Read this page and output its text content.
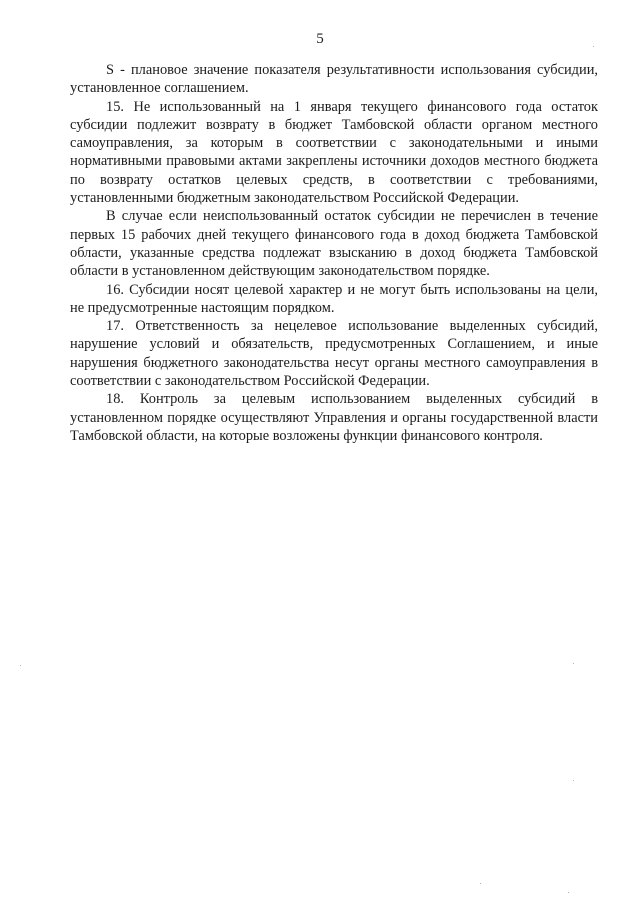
5

S - плановое значение показателя результативности использования субсидии, установленное соглашением.

15. Не использованный на 1 января текущего финансового года остаток субсидии подлежит возврату в бюджет Тамбовской области органом местного самоуправления, за которым в соответствии с законодательными и иными нормативными правовыми актами закреплены источники доходов местного бюджета по возврату остатков целевых средств, в соответствии с требованиями, установленными бюджетным законодательством Российской Федерации.

В случае если неиспользованный остаток субсидии не перечислен в течение первых 15 рабочих дней текущего финансового года в доход бюджета Тамбовской области, указанные средства подлежат взысканию в доход бюджета Тамбовской области в установленном действующим законодательством порядке.

16. Субсидии носят целевой характер и не могут быть использованы на цели, не предусмотренные настоящим порядком.

17. Ответственность за нецелевое использование выделенных субсидий, нарушение условий и обязательств, предусмотренных Соглашением, и иные нарушения бюджетного законодательства несут органы местного самоуправления в соответствии с законодательством Российской Федерации.

18. Контроль за целевым использованием выделенных субсидий в установленном порядке осуществляют Управления и органы государственной власти Тамбовской области, на которые возложены функции финансового контроля.
